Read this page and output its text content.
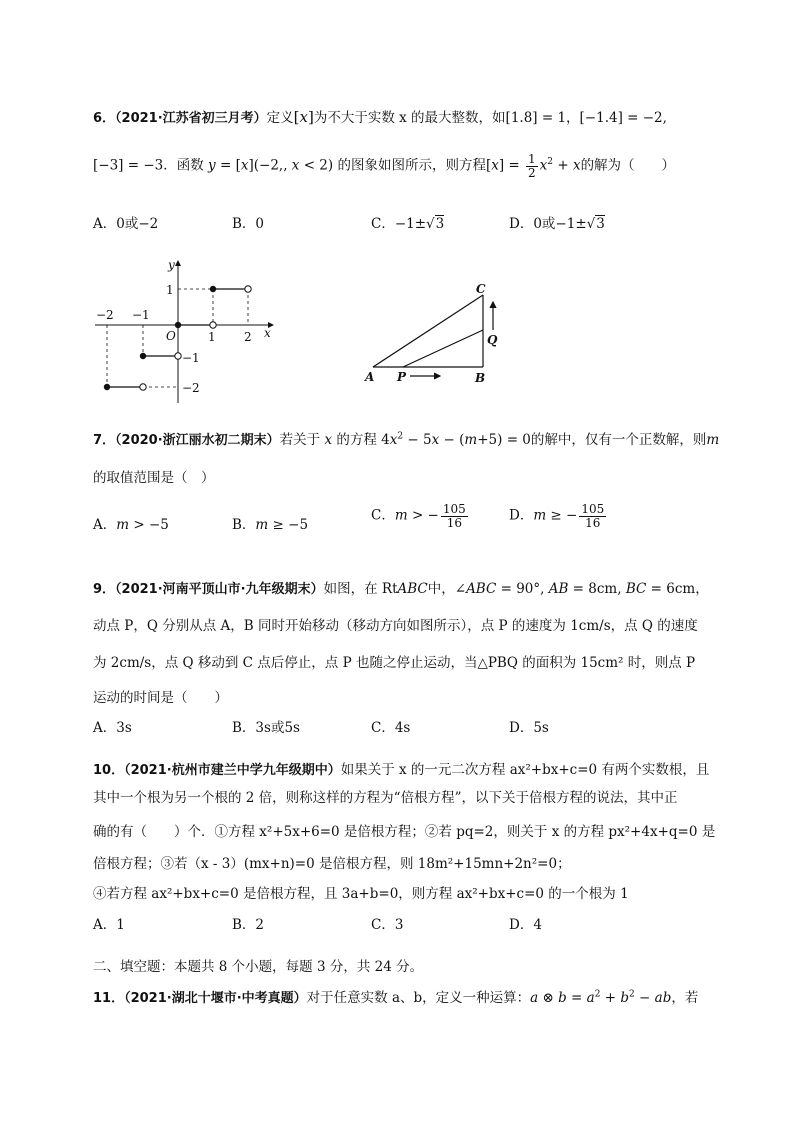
6．（2021·江苏省初三月考）定义[x]为不大于实数 x 的最大整数，如[1.8] = 1，[−1.4] = −2,
[−3] = −3．函数 y = [x](−2,, x < 2) 的图象如图所示，则方程$[x] = \frac{1}{2} x^2 + x$的解为（　　）
A．0或−2	B．0	C．−1±√3	D．0或−1±√3
x
y
O
−2 −1
1 2
1
−1
−2
A	B
C
P
Q
7．（2020·浙江丽水初二期末）若关于 x 的方程 $4x^2 - 5x - (m+5) = 0$的解中，仅有一个正数解，则m
的取值范围是（　）
A．m > −5	B．m ≥ −5
C．m > − $\frac{105}{16}$	D．m ≥ − $\frac{105}{16}$
9．（2021·河南平顶山市·九年级期末）如图，在 RtABC中，∠ABC = 90°, AB = 8cm, BC = 6cm，
动点 P，Q 分别从点 A，B 同时开始移动（移动方向如图所示），点 P 的速度为 1cm/s，点 Q 的速度
为 2cm/s，点 Q 移动到 C 点后停止，点 P 也随之停止运动，当△PBQ 的面积为 15cm² 时，则点 P
运动的时间是（　　）
A．3s	B．3s或5s	C．4s	D．5s
10．（2021·杭州市建兰中学九年级期中）如果关于 x 的一元二次方程 ax²+bx+c=0 有两个实数根，且
其中一个根为另一个根的 2 倍，则称这样的方程为“倍根方程”，以下关于倍根方程的说法，其中正
确的有（　　）个．①方程 x²+5x+6=0 是倍根方程；②若 pq=2，则关于 x 的方程 px²+4x+q=0 是
倍根方程；③若（x - 3）(mx+n)=0 是倍根方程，则 18m²+15mn+2n²=0；
④若方程 ax²+bx+c=0 是倍根方程，且 3a+b=0，则方程 ax²+bx+c=0 的一个根为 1
A．1	B．2	C．3	D．4
二、填空题：本题共 8 个小题，每题 3 分，共 24 分。
11．（2021·湖北十堰市·中考真题）对于任意实数 a、b，定义一种运算：a ⊗ $b = a^2 + b^2$ − ab，若
